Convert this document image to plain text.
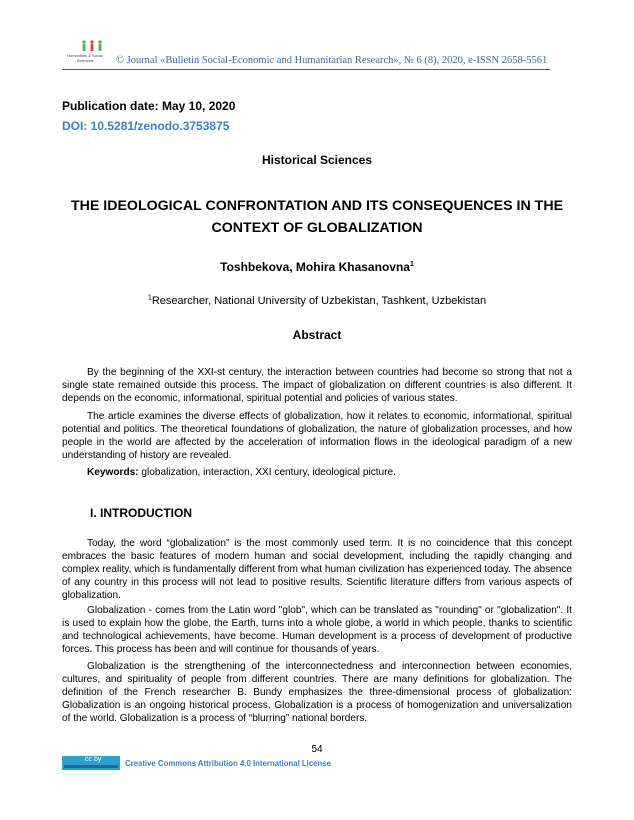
Humanities & Social
Sciences	© Journal «Bulletin Social-Economic and Humanitarian Research», № 6 (8), 2020, e-ISSN 2658-5561
Publication date: May 10, 2020
DOI: 10.5281/zenodo.3753875
Historical Sciences
THE IDEOLOGICAL CONFRONTATION AND ITS CONSEQUENCES IN THE
CONTEXT OF GLOBALIZATION
Toshbekova, Mohira Khasanovna$^1$
$^1$Researcher, National University of Uzbekistan, Tashkent, Uzbekistan
Abstract
By the beginning of the XXI-st century, the interaction between countries had become so strong that not a single state remained outside this process. The impact of globalization on different countries is also different. It depends on the economic, informational, spiritual potential and policies of various states.
The article examines the diverse effects of globalization, how it relates to economic, informational, spiritual potential and politics. The theoretical foundations of globalization, the nature of globalization processes, and how people in the world are affected by the acceleration of information flows in the ideological paradigm of a new understanding of history are revealed.
Keywords: globalization, interaction, XXI century, ideological picture.
I. INTRODUCTION
Today, the word “globalization” is the most commonly used term. It is no coincidence that this concept embraces the basic features of modern human and social development, including the rapidly changing and complex reality, which is fundamentally different from what human civilization has experienced today. The absence of any country in this process will not lead to positive results. Scientific literature differs from various aspects of globalization.
Globalization - comes from the Latin word "glob", which can be translated as "rounding" or "globalization". It is used to explain how the globe, the Earth, turns into a whole globe, a world in which people, thanks to scientific and technological achievements, have become. Human development is a process of development of productive forces. This process has been and will continue for thousands of years.
Globalization is the strengthening of the interconnectedness and interconnection between economies, cultures, and spirituality of people from different countries. There are many definitions for globalization. The definition of the French researcher B. Bundy emphasizes the three-dimensional process of globalization: Globalization is an ongoing historical process, Globalization is a process of homogenization and universalization of the world. Globalization is a process of “blurring” national borders.
54
cc by	Creative Commons Attribution 4.0 International License
